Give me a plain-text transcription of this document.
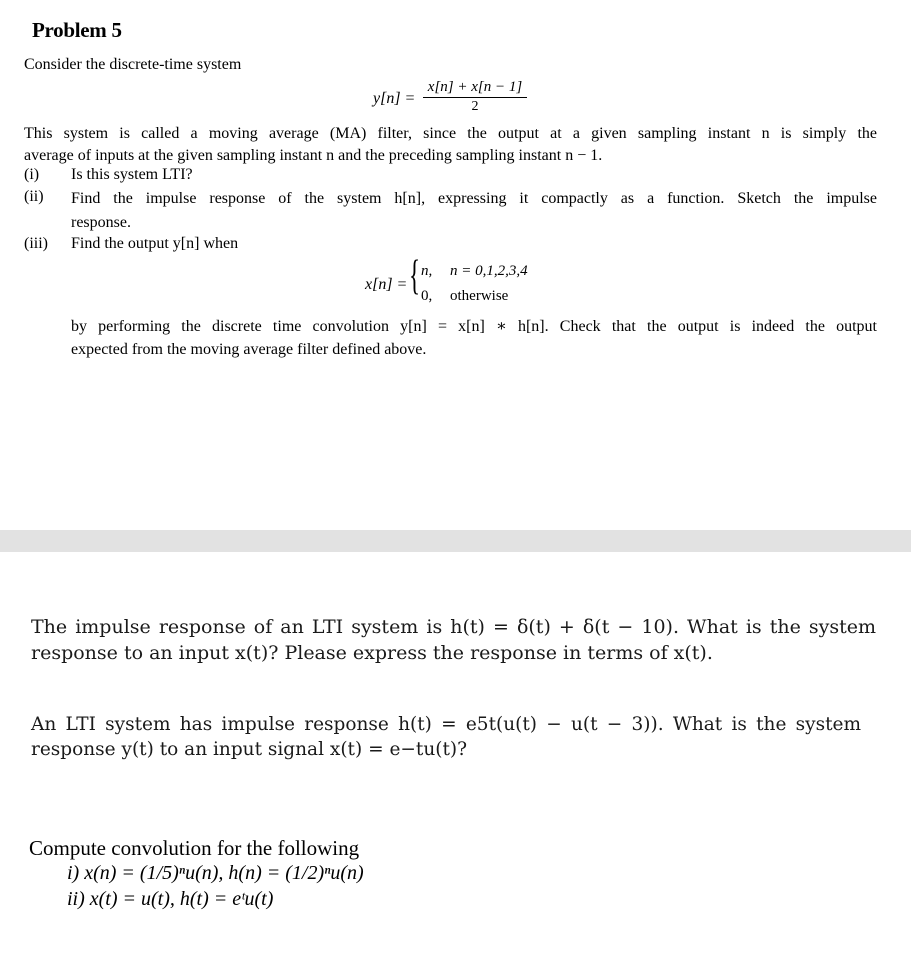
Problem 5
Consider the discrete-time system
$y[n] = \frac{x[n] + x[n - 1]}{2}$
This system is called a moving average (MA) filter, since the output at a given sampling instant n is simply the
average of inputs at the given sampling instant n and the preceding sampling instant n − 1.
(i) Is this system LTI?
(ii) Find the impulse response of the system h[n], expressing it compactly as a function. Sketch the impulse
response.
(iii) Find the output y[n] when
x[n] = { n, n = 0,1,2,3,4
0, otherwise
by performing the discrete time convolution y[n] = x[n] ∗ h[n]. Check that the output is indeed the output
expected from the moving average filter defined above.
The impulse response of an LTI system is h(t) = δ(t) + δ(t − 10). What is the system
response to an input x(t)? Please express the response in terms of x(t).
An LTI system has impulse response h(t) = e5t(u(t) − u(t − 3)). What is the system
response y(t) to an input signal x(t) = e−tu(t)?
Compute convolution for the following
i) x(n) = (1/5)ⁿu(n), h(n) = (1/2)ⁿu(n)
ii) x(t) = u(t), h(t) = eᵗu(t)
